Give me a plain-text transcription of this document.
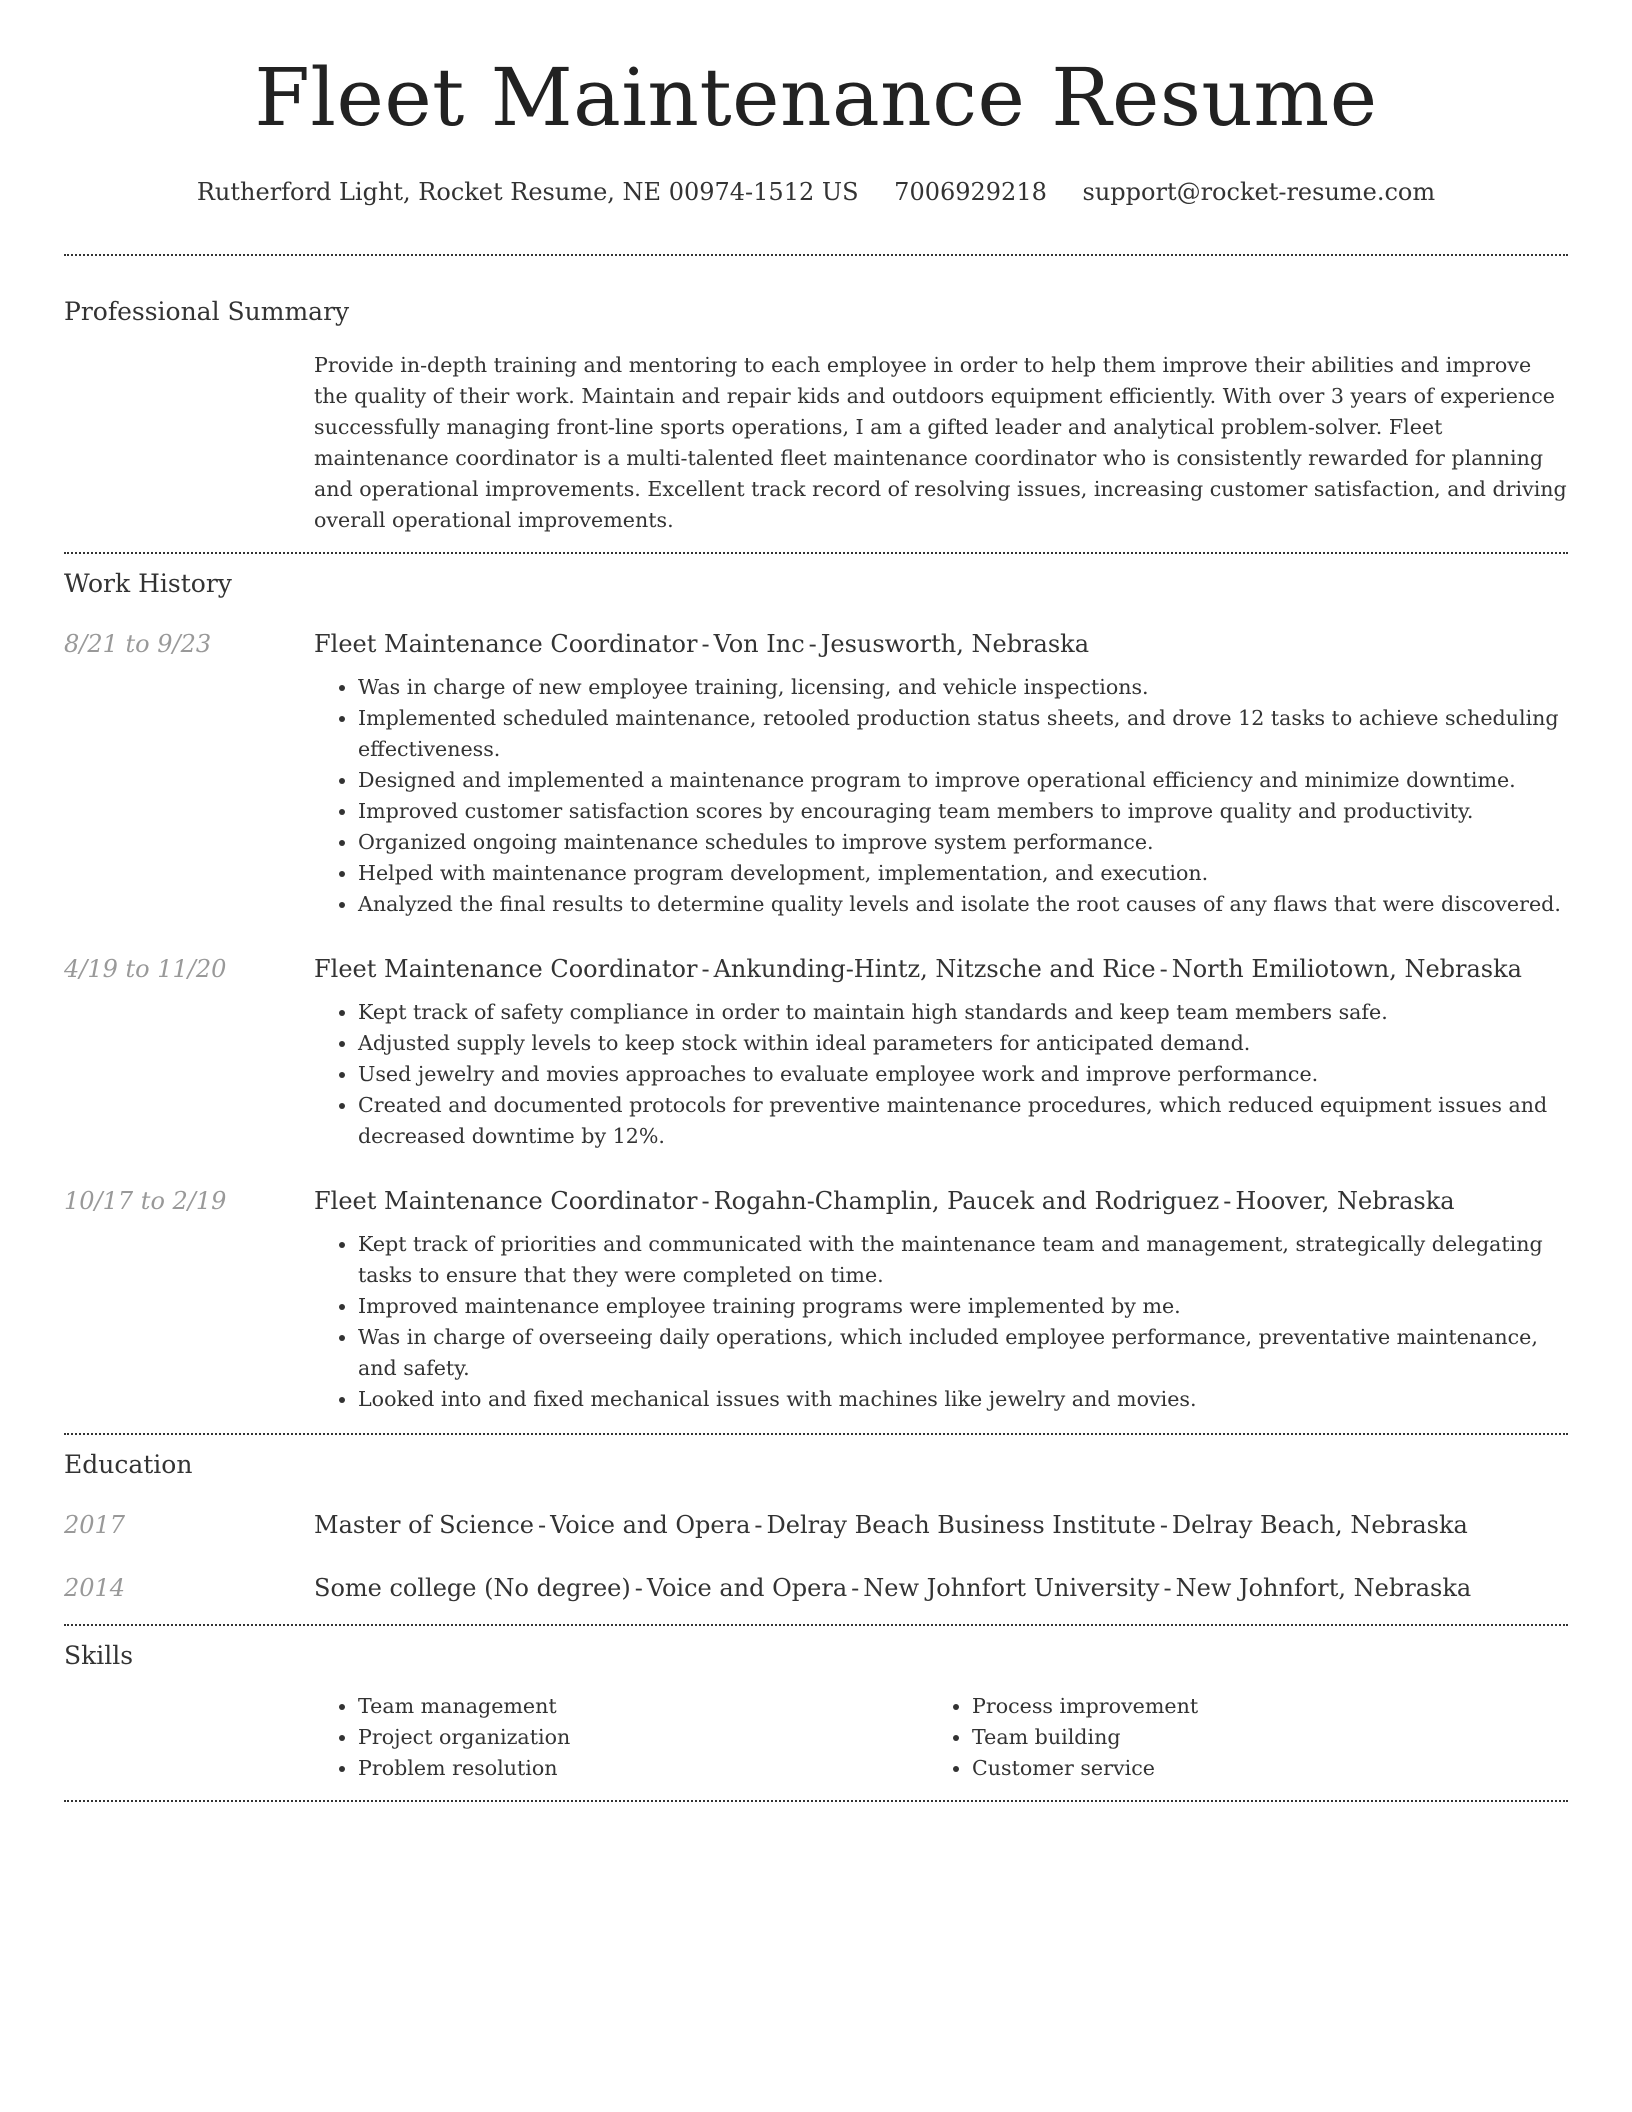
Fleet Maintenance Resume
Rutherford Light, Rocket Resume, NE 00974-1512 US 7006929218 support@rocket-resume.com
Professional Summary
Provide in-depth training and mentoring to each employee in order to help them improve their abilities and improve the quality of their work. Maintain and repair kids and outdoors equipment efficiently. With over 3 years of experience successfully managing front-line sports operations, I am a gifted leader and analytical problem-solver. Fleet maintenance coordinator is a multi-talented fleet maintenance coordinator who is consistently rewarded for planning and operational improvements. Excellent track record of resolving issues, increasing customer satisfaction, and driving overall operational improvements.
Work History
8/21 to 9/23	Fleet Maintenance Coordinator - Von Inc - Jesusworth, Nebraska
• Was in charge of new employee training, licensing, and vehicle inspections.
• Implemented scheduled maintenance, retooled production status sheets, and drove 12 tasks to achieve scheduling effectiveness.
• Designed and implemented a maintenance program to improve operational efficiency and minimize downtime.
• Improved customer satisfaction scores by encouraging team members to improve quality and productivity.
• Organized ongoing maintenance schedules to improve system performance.
• Helped with maintenance program development, implementation, and execution.
• Analyzed the final results to determine quality levels and isolate the root causes of any flaws that were discovered.
4/19 to 11/20	Fleet Maintenance Coordinator - Ankunding-Hintz, Nitzsche and Rice - North Emiliotown, Nebraska
• Kept track of safety compliance in order to maintain high standards and keep team members safe.
• Adjusted supply levels to keep stock within ideal parameters for anticipated demand.
• Used jewelry and movies approaches to evaluate employee work and improve performance.
• Created and documented protocols for preventive maintenance procedures, which reduced equipment issues and decreased downtime by 12%.
10/17 to 2/19	Fleet Maintenance Coordinator - Rogahn-Champlin, Paucek and Rodriguez - Hoover, Nebraska
• Kept track of priorities and communicated with the maintenance team and management, strategically delegating tasks to ensure that they were completed on time.
• Improved maintenance employee training programs were implemented by me.
• Was in charge of overseeing daily operations, which included employee performance, preventative maintenance, and safety.
• Looked into and fixed mechanical issues with machines like jewelry and movies.
Education
2017	Master of Science - Voice and Opera - Delray Beach Business Institute - Delray Beach, Nebraska
2014	Some college (No degree) - Voice and Opera - New Johnfort University - New Johnfort, Nebraska
Skills
• Team management
• Project organization
• Problem resolution
• Process improvement
• Team building
• Customer service
